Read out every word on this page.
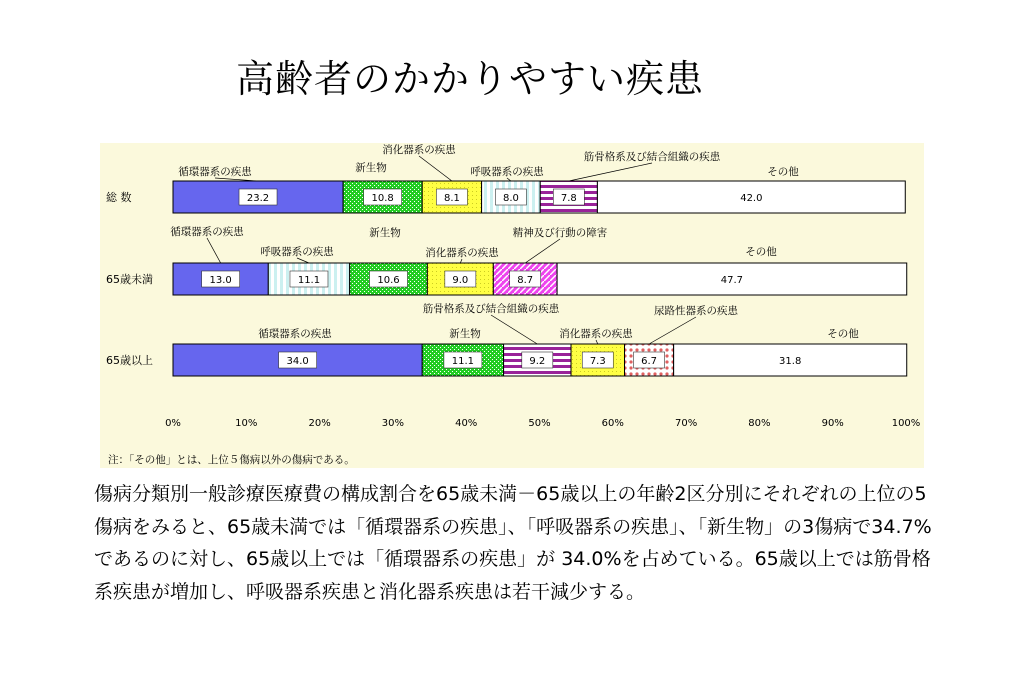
高齢者のかかりやすい疾患
総 数	23.2
循環器系の疾患
10.8
新生物
8.1
消化器系の疾患
8.0
呼吸器系の疾患
7.8
筋骨格系及び結合組織の疾患
42.0
その他
65歳未満	13.0
循環器系の疾患
11.1
呼吸器系の疾患
10.6
新生物
9.0
消化器系の疾患
8.7
精神及び行動の障害
47.7
その他
65歳以上	34.0
循環器系の疾患
11.1
新生物
9.2
筋骨格系及び結合組織の疾患
7.3
消化器系の疾患
6.7
尿路性器系の疾患
31.8
その他
0%	10%	20%	30%	40%	50%	60%	70%	80%	90%	100%
注：「その他」とは、上位５傷病以外の傷病である。
傷病分類別一般診療医療費の構成割合を65歳未満－65歳以上の年齢2区分別にそれぞれの上位の5傷病をみると、65歳未満では「循環器系の疾患」、「呼吸器系の疾患」、「新生物」の3傷病で34.7%であるのに対し、65歳以上では「循環器系の疾患」が 34.0%を占めている。65歳以上では筋骨格系疾患が増加し、呼吸器系疾患と消化器系疾患は若干減少する。
